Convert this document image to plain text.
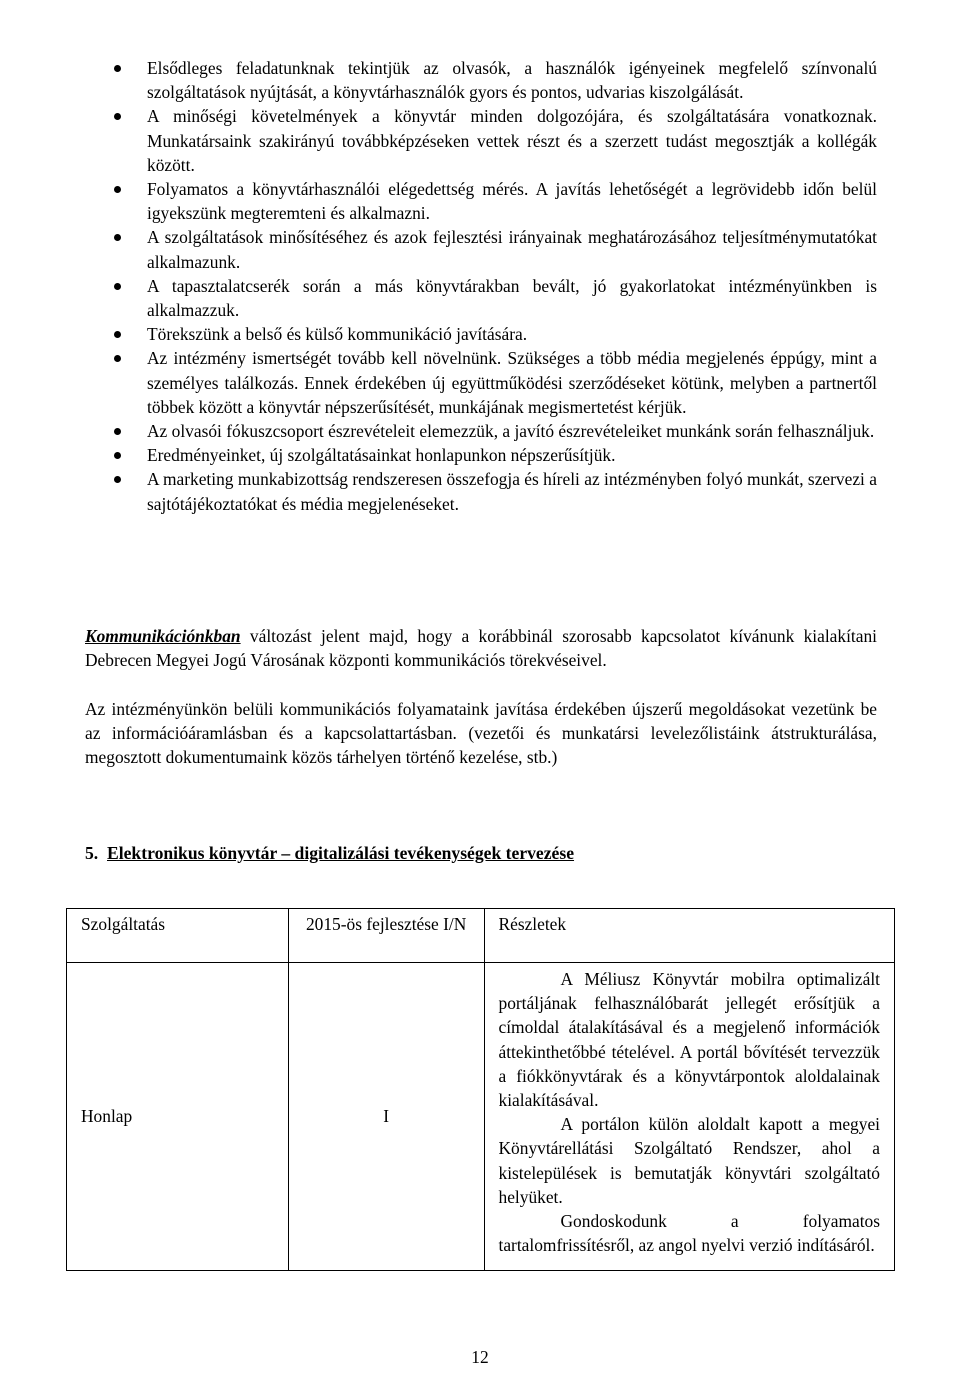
Elsődleges feladatunknak tekintjük az olvasók, a használók igényeinek megfelelő színvonalú szolgáltatások nyújtását, a könyvtárhasználók gyors és pontos, udvarias kiszolgálását.
A minőségi követelmények a könyvtár minden dolgozójára, és szolgáltatására vonatkoznak. Munkatársaink szakirányú továbbképzéseken vettek részt és a szerzett tudást megosztják a kollégák között.
Folyamatos a könyvtárhasználói elégedettség mérés. A javítás lehetőségét a legrövidebb időn belül igyekszünk megteremteni és alkalmazni.
A szolgáltatások minősítéséhez és azok fejlesztési irányainak meghatározásához teljesítménymutatókat alkalmazunk.
A tapasztalatcserék során a más könyvtárakban bevált, jó gyakorlatokat intézményünkben is alkalmazzuk.
Törekszünk a belső és külső kommunikáció javítására.
Az intézmény ismertségét tovább kell növelnünk. Szükséges a több média megjelenés éppúgy, mint a személyes találkozás. Ennek érdekében új együttműködési szerződéseket kötünk, melyben a partnertől többek között a könyvtár népszerűsítését, munkájának megismertetést kérjük.
Az olvasói fókuszcsoport észrevételeit elemezzük, a javító észrevételeiket munkánk során felhasználjuk.
Eredményeinket, új szolgáltatásainkat honlapunkon népszerűsítjük.
A marketing munkabizottság rendszeresen összefogja és híreli az intézményben folyó munkát, szervezi a sajtótájékoztatókat és média megjelenéseket.

Kommunikációnkban változást jelent majd, hogy a korábbinál szorosabb kapcsolatot kívánunk kialakítani Debrecen Megyei Jogú Városának központi kommunikációs törekvéseivel.

Az intézményünkön belüli kommunikációs folyamataink javítása érdekében újszerű megoldásokat vezetünk be az információáramlásban és a kapcsolattartásban. (vezetői és munkatársi levelezőlistáink átstrukturálása, megosztott dokumentumaink közös tárhelyen történő kezelése, stb.)

5. Elektronikus könyvtár – digitalizálási tevékenységek tervezése
Szolgáltatás	2015-ös fejlesztése I/N	Részletek
Honlap	I	A Méliusz Könyvtár mobilra optimalizált portáljának felhasználóbarát jellegét erősítjük a címoldal átalakításával és a megjelenő információk áttekinthetőbbé tételével. A portál bővítését tervezzük a fiókkönyvtárak és a könyvtárpontok aloldalainak kialakításával.

A portálon külön aloldalt kapott a megyei Könyvtárellátási Szolgáltató Rendszer, ahol a kistelepülések is bemutatják könyvtári szolgáltató helyüket.

Gondoskodunk a folyamatos tartalomfrissítésről, az angol nyelvi verzió indításáról.

12
